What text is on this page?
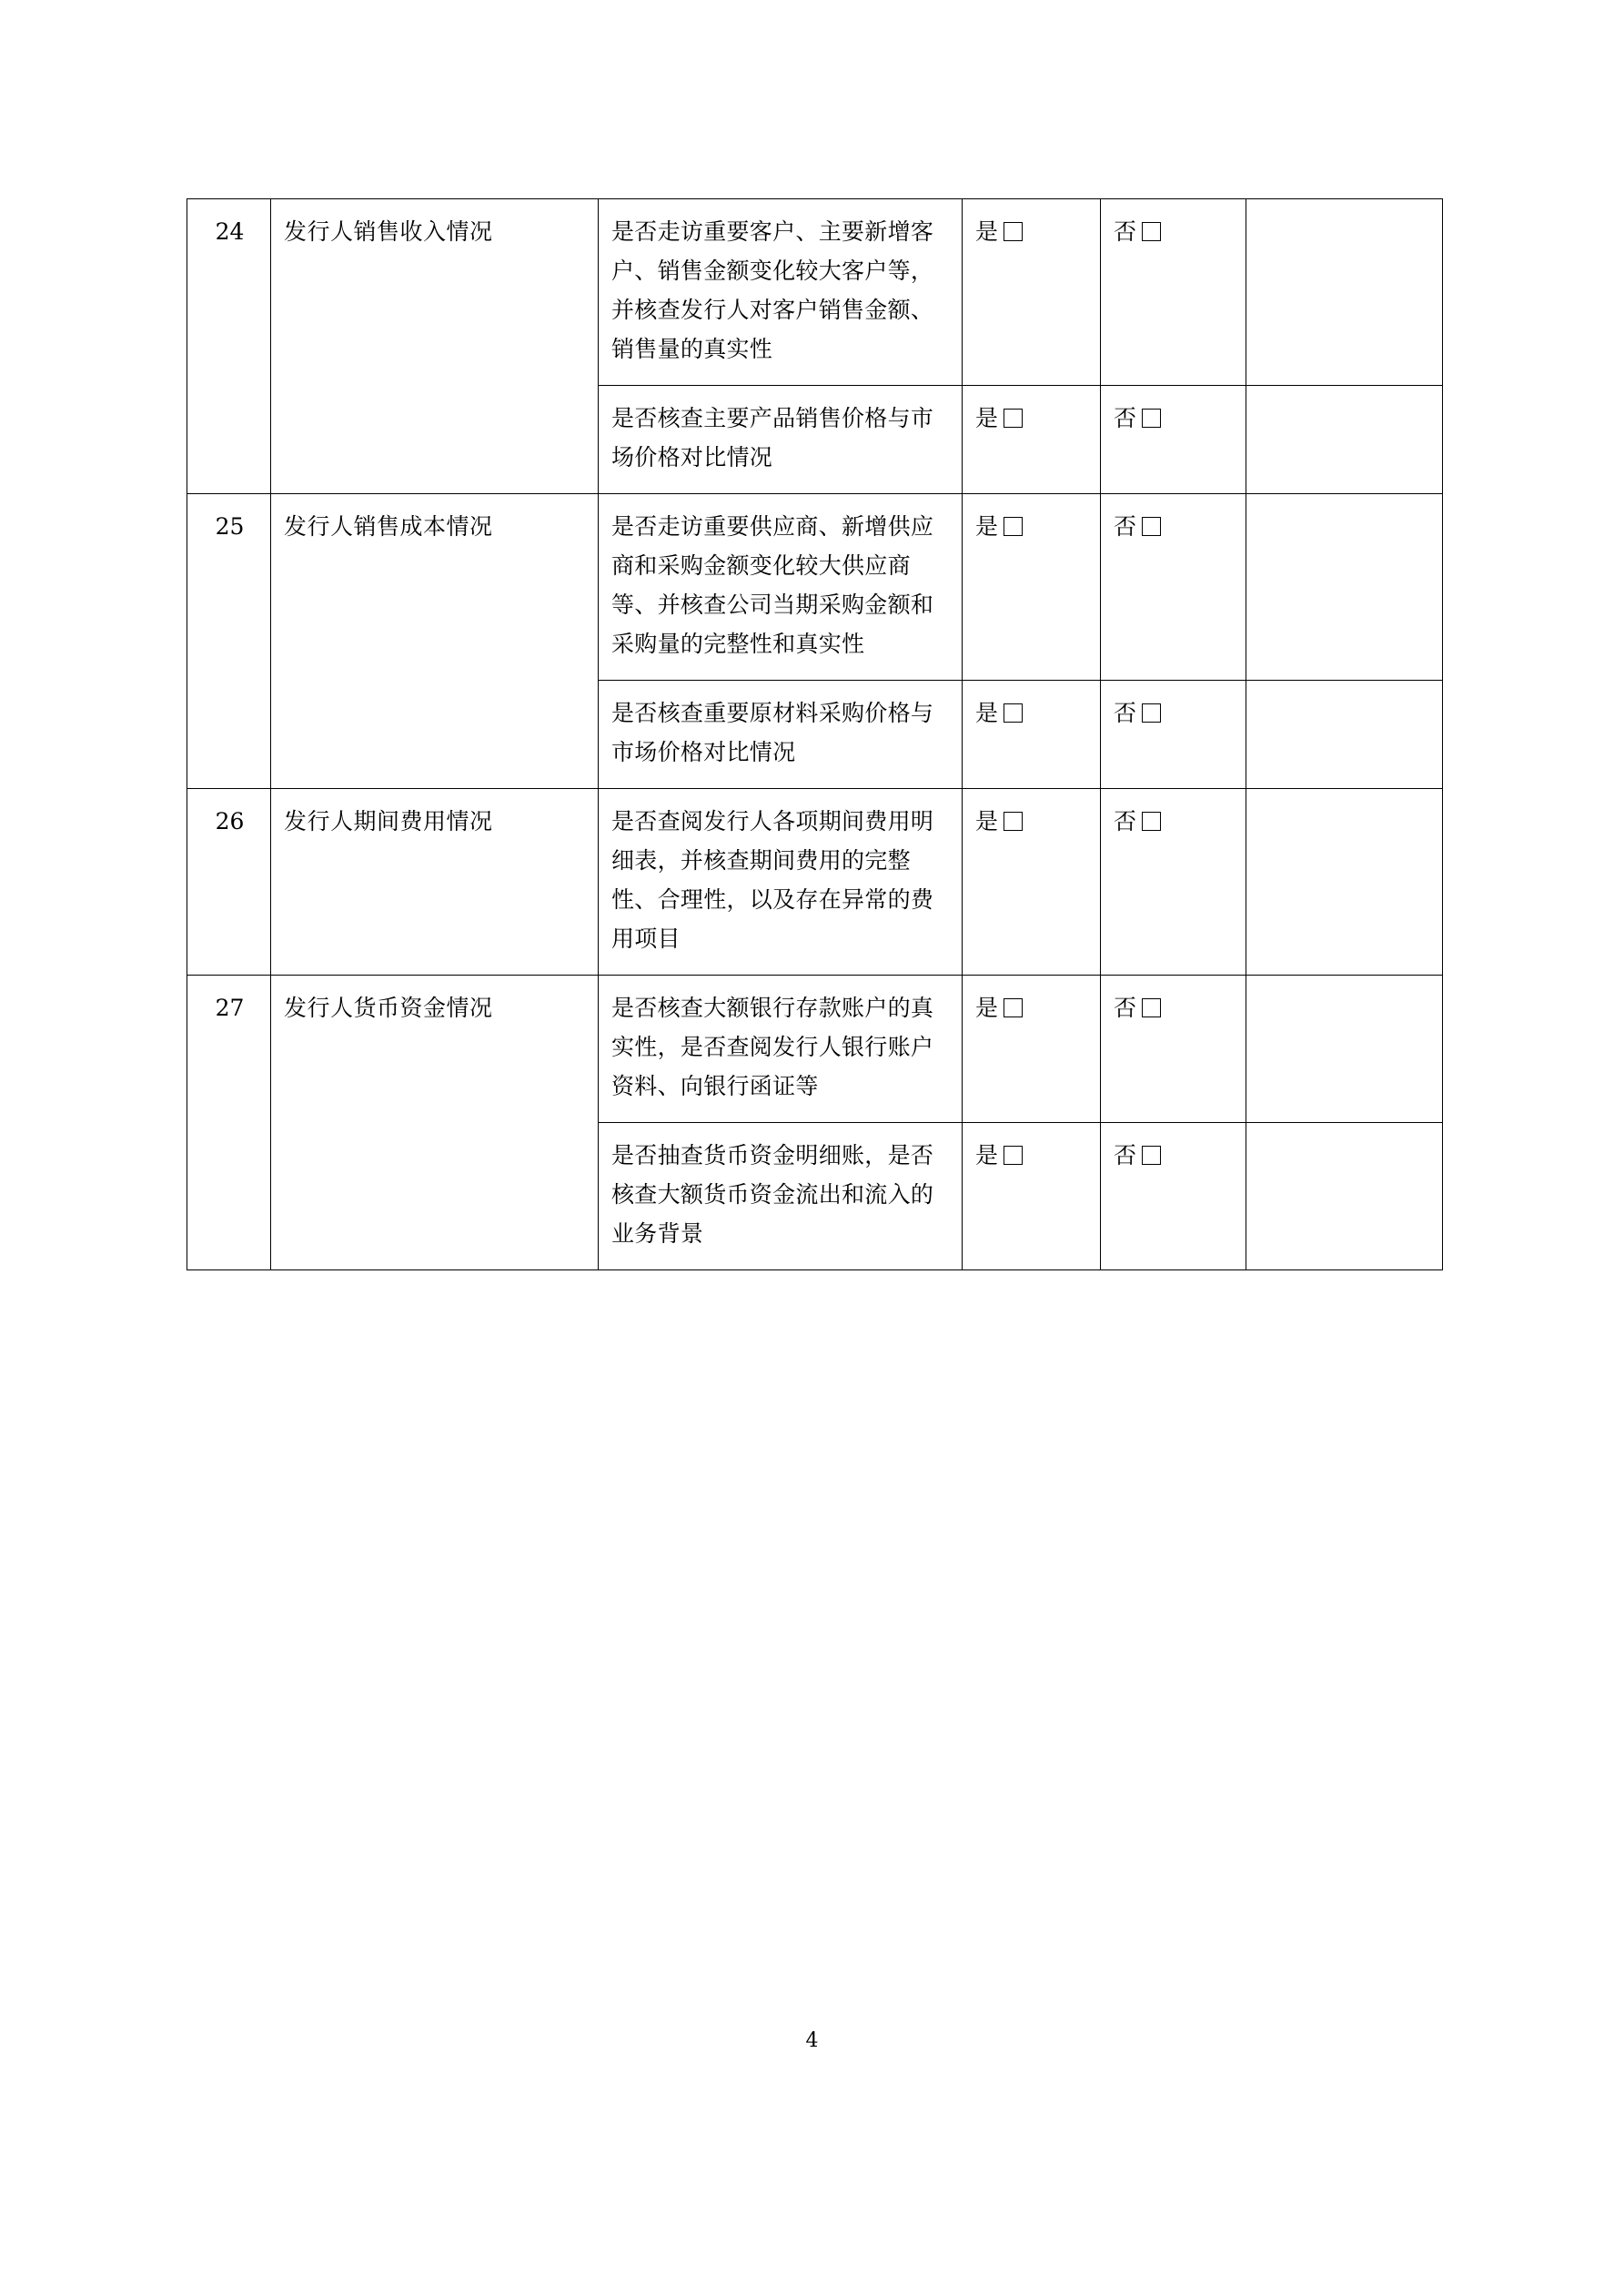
24	发行人销售收入情况	是否走访重要客户、主要新增客户、销售金额变化较大客户等，并核查发行人对客户销售金额、销售量的真实性	是	否	
		是否核查主要产品销售价格与市场价格对比情况	是	否	
25	发行人销售成本情况	是否走访重要供应商、新增供应商和采购金额变化较大供应商等、并核查公司当期采购金额和采购量的完整性和真实性	是	否	
		是否核查重要原材料采购价格与市场价格对比情况	是	否	
26	发行人期间费用情况	是否查阅发行人各项期间费用明细表，并核查期间费用的完整性、合理性，以及存在异常的费用项目	是	否	
27	发行人货币资金情况	是否核查大额银行存款账户的真实性，是否查阅发行人银行账户资料、向银行函证等	是	否	
		是否抽查货币资金明细账，是否核查大额货币资金流出和流入的业务背景	是	否	
4
